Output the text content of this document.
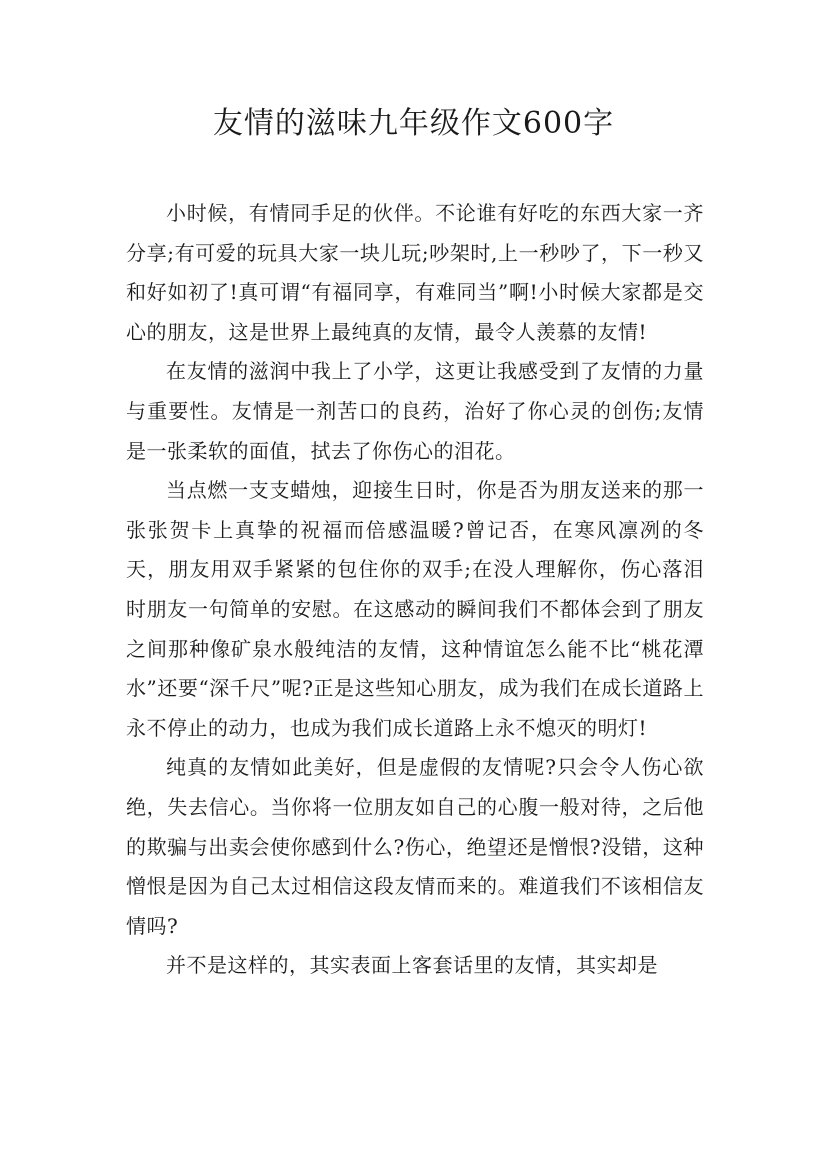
友情的滋味九年级作文600字

小时候，有情同手足的伙伴。不论谁有好吃的东西大家一齐分享;有可爱的玩具大家一块儿玩;吵架时,上一秒吵了，下一秒又和好如初了!真可谓“有福同享，有难同当”啊!小时候大家都是交心的朋友，这是世界上最纯真的友情，最令人羡慕的友情!

在友情的滋润中我上了小学，这更让我感受到了友情的力量与重要性。友情是一剂苦口的良药，治好了你心灵的创伤;友情是一张柔软的面值，拭去了你伤心的泪花。

当点燃一支支蜡烛，迎接生日时，你是否为朋友送来的那一张张贺卡上真挚的祝福而倍感温暖?曾记否，在寒风凛冽的冬天，朋友用双手紧紧的包住你的双手;在没人理解你，伤心落泪时朋友一句简单的安慰。在这感动的瞬间我们不都体会到了朋友之间那种像矿泉水般纯洁的友情，这种情谊怎么能不比“桃花潭水”还要“深千尺”呢?正是这些知心朋友，成为我们在成长道路上永不停止的动力，也成为我们成长道路上永不熄灭的明灯!

纯真的友情如此美好，但是虚假的友情呢?只会令人伤心欲绝，失去信心。当你将一位朋友如自己的心腹一般对待，之后他的欺骗与出卖会使你感到什么?伤心，绝望还是憎恨?没错，这种憎恨是因为自己太过相信这段友情而来的。难道我们不该相信友情吗?

并不是这样的，其实表面上客套话里的友情，其实却是
